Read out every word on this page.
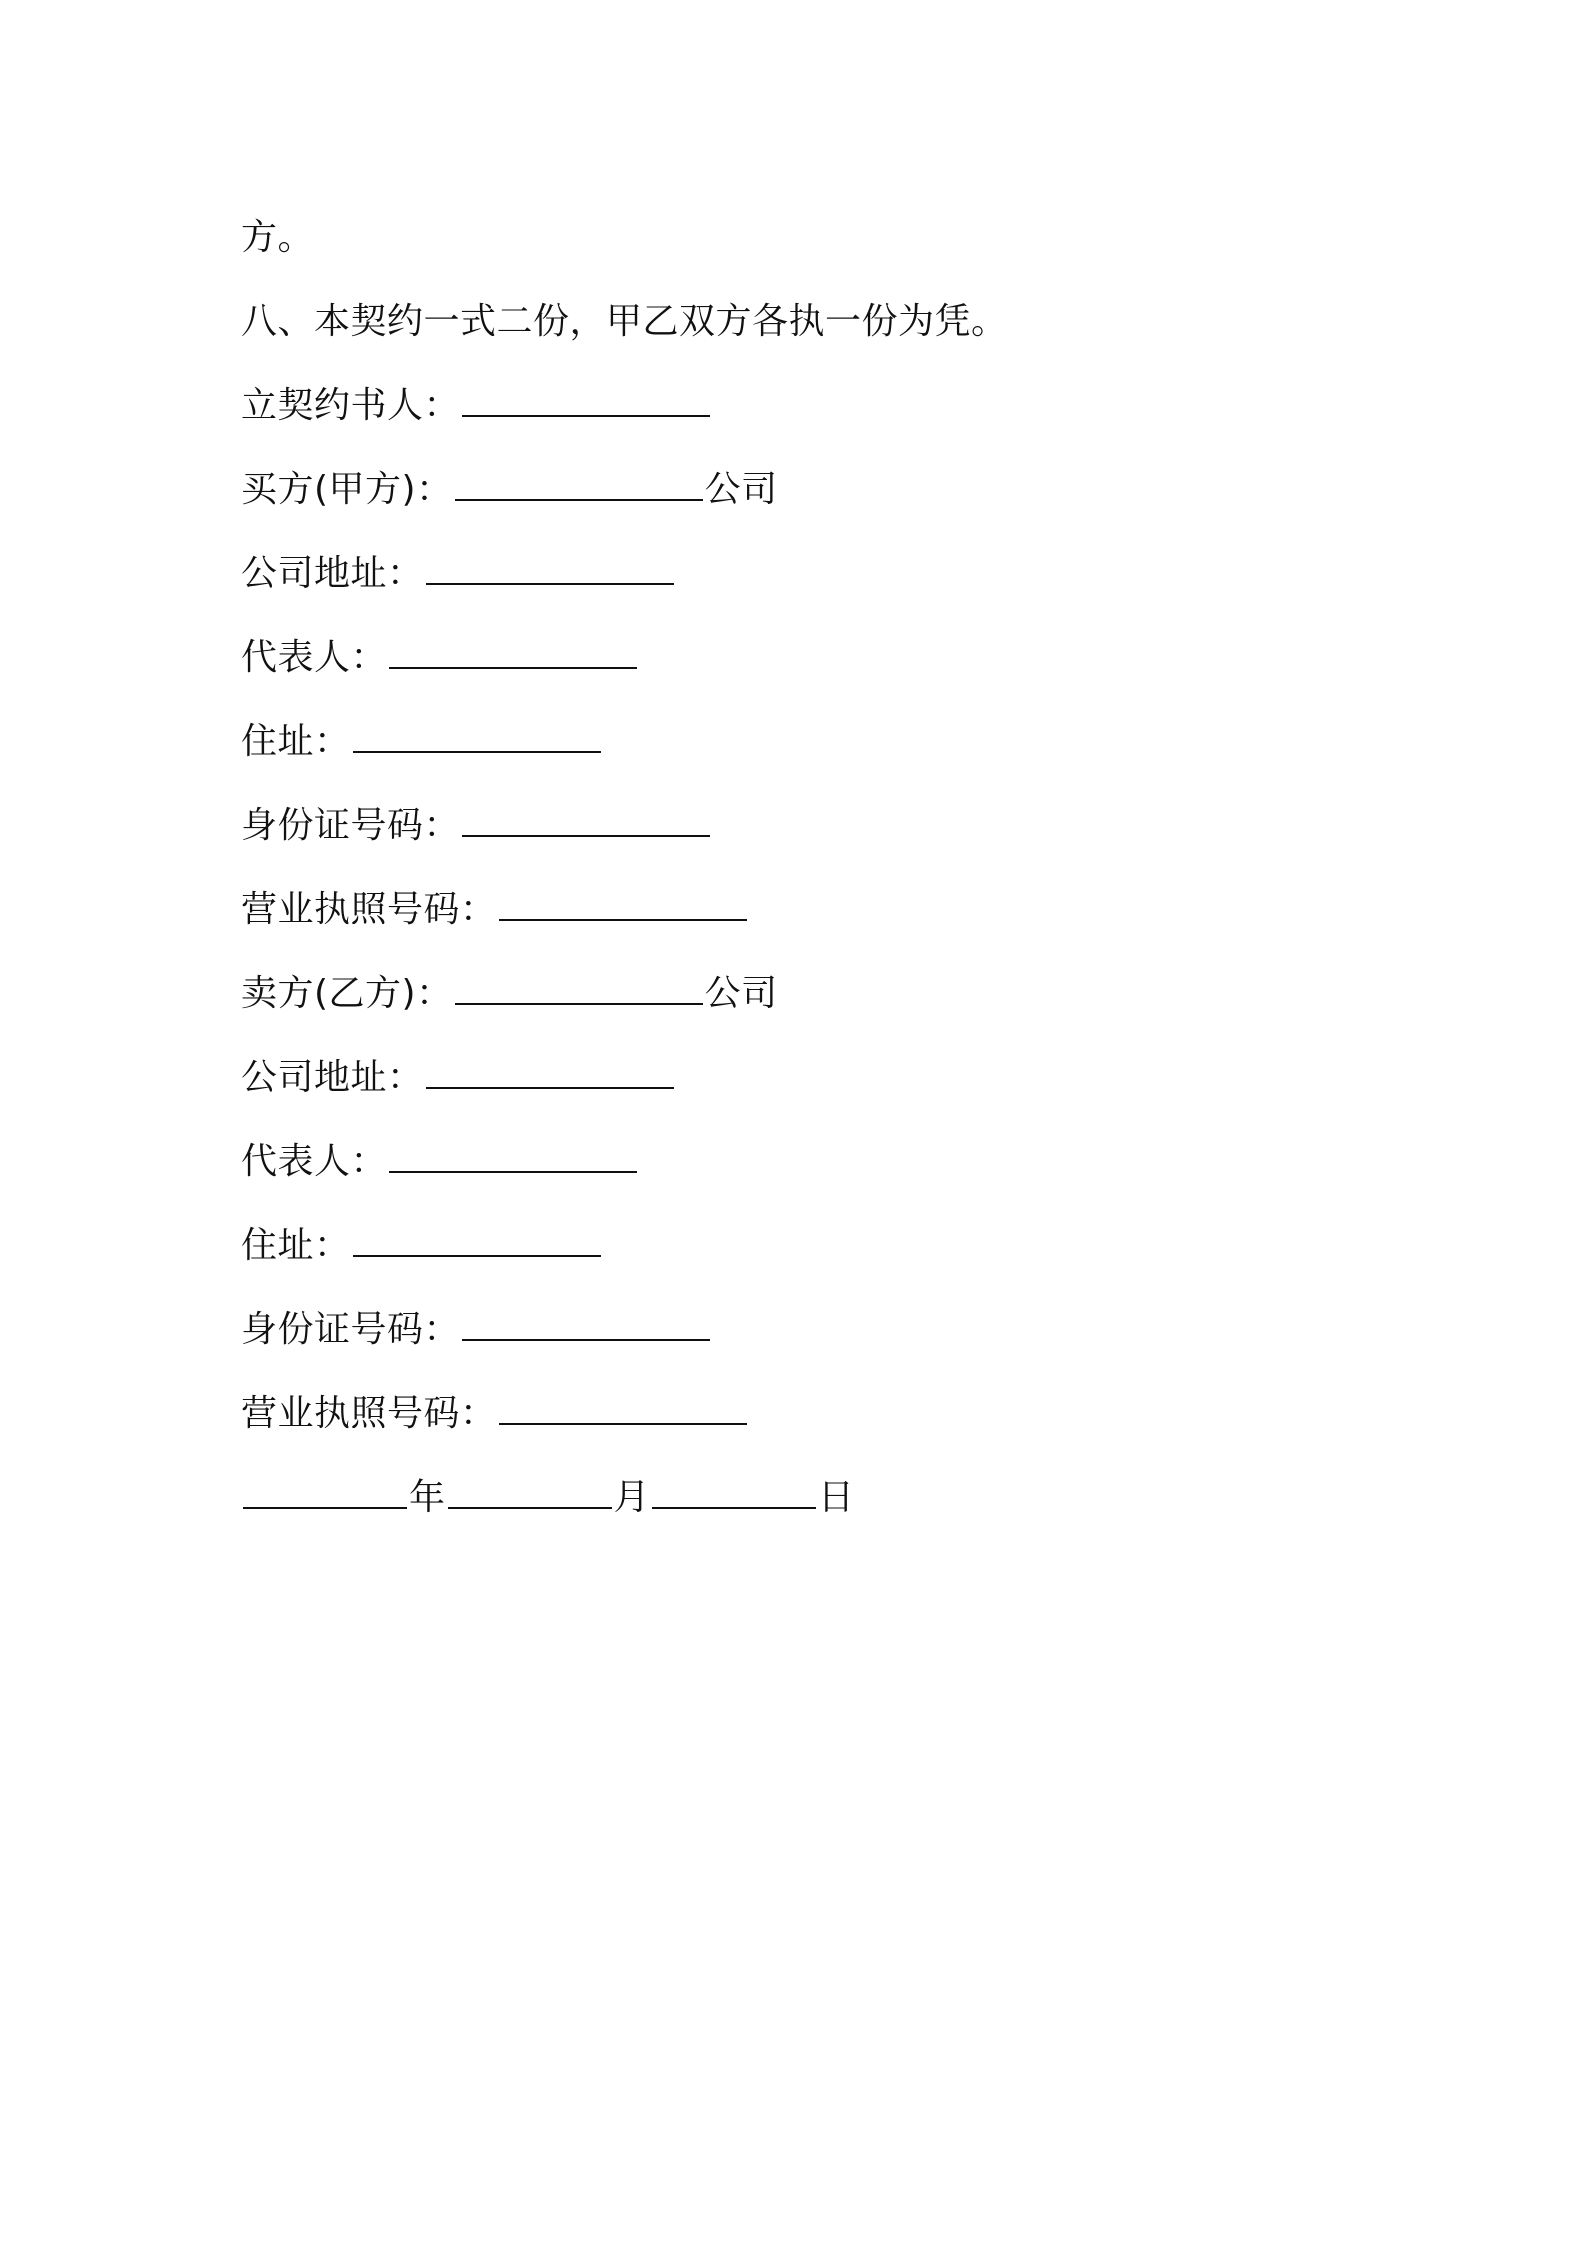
方。
八、本契约一式二份，甲乙双方各执一份为凭。
立契约书人：
买方(甲方)：	公司
公司地址：
代表人：
住址：
身份证号码：
营业执照号码：
卖方(乙方)：	公司
公司地址：
代表人：
住址：
身份证号码：
营业执照号码：
年	月	日
